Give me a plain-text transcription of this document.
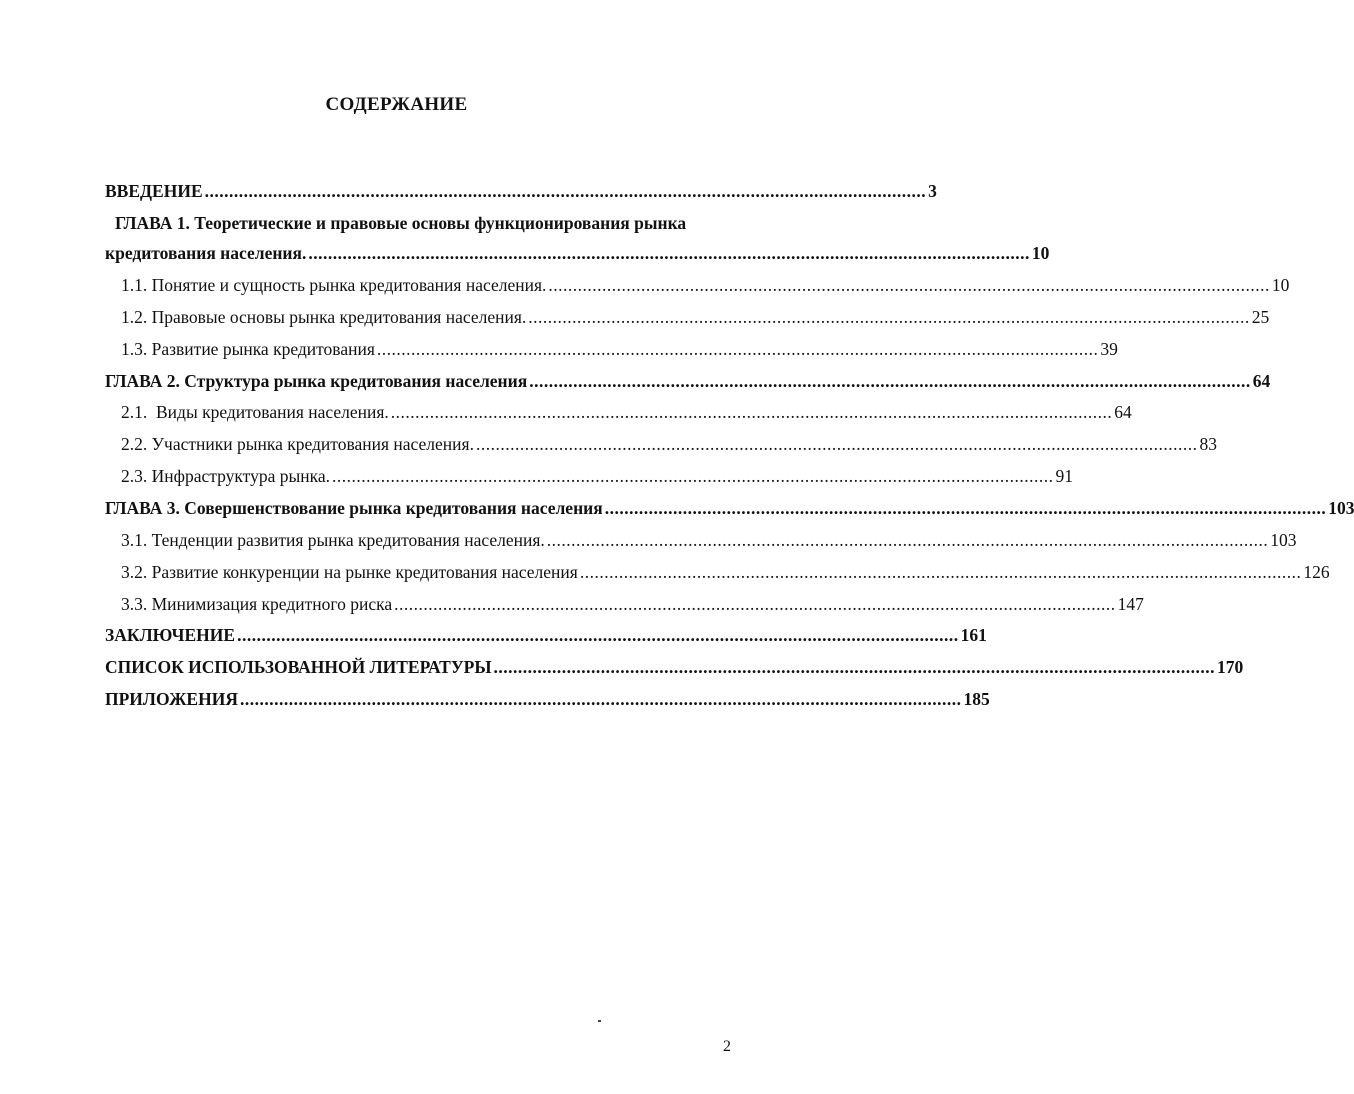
СОДЕРЖАНИЕ
ВВЕДЕНИЕ .................................................................................................................................................... 3
ГЛАВА 1. Теоретические и правовые основы функционирования рынка
кредитования населения. .................................................................................................................................................... 10
1.1. Понятие и сущность рынка кредитования населения. .................................................................................................................................................... 10
1.2. Правовые основы рынка кредитования населения. .................................................................................................................................................... 25
1.3. Развитие рынка кредитования .................................................................................................................................................... 39
ГЛАВА 2. Структура рынка кредитования населения .................................................................................................................................................... 64
2.1.  Виды кредитования населения. .................................................................................................................................................... 64
2.2. Участники рынка кредитования населения. .................................................................................................................................................... 83
2.3. Инфраструктура рынка. .................................................................................................................................................... 91
ГЛАВА 3. Совершенствование рынка кредитования населения .................................................................................................................................................... 103
3.1. Тенденции развития рынка кредитования населения. .................................................................................................................................................... 103
3.2. Развитие конкуренции на рынке кредитования населения .................................................................................................................................................... 126
3.3. Минимизация кредитного риска .................................................................................................................................................... 147
ЗАКЛЮЧЕНИЕ .................................................................................................................................................... 161
СПИСОК ИСПОЛЬЗОВАННОЙ ЛИТЕРАТУРЫ .................................................................................................................................................... 170
ПРИЛОЖЕНИЯ .................................................................................................................................................... 185
2
